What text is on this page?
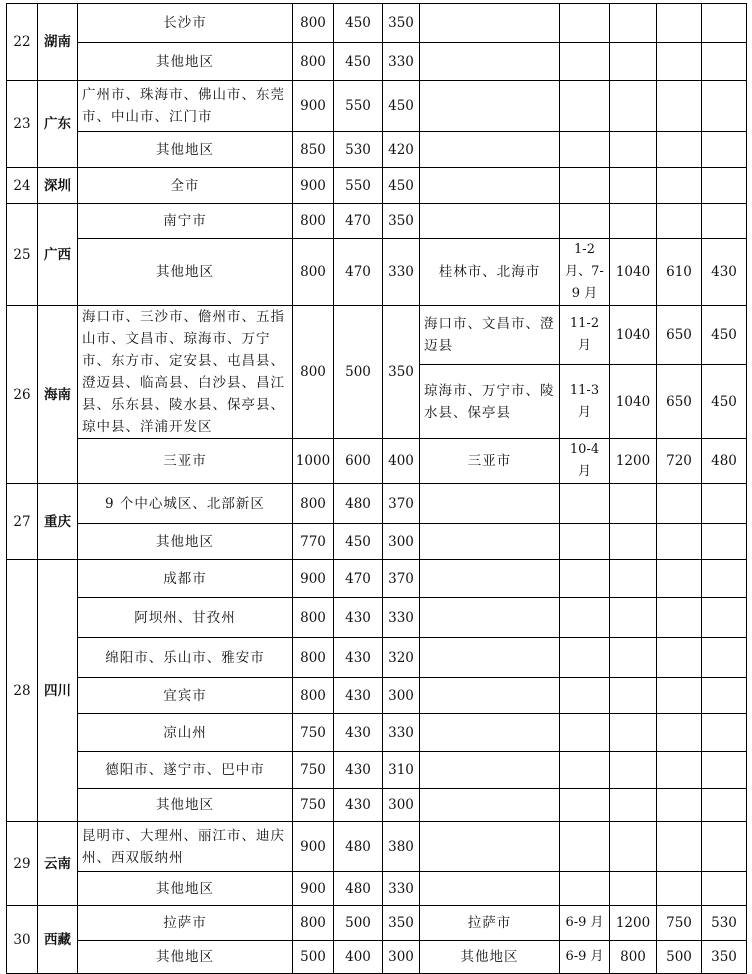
22	湖南	长沙市	800	450	350					
		其他地区	800	450	330					
23	广东	广州市、珠海市、佛山市、东莞市、中山市、江门市	900	550	450					
		其他地区	850	530	420					
24	深圳	全市	900	550	450					
25	广西	南宁市	800	470	350					
		其他地区	800	470	330	桂林市、北海市	1-2 月、7-9 月	1040	610	430
26	海南	海口市、三沙市、儋州市、五指山市、文昌市、琼海市、万宁市、东方市、定安县、屯昌县、澄迈县、临高县、白沙县、昌江县、乐东县、陵水县、保亭县、琼中县、洋浦开发区	800	500	350	海口市、文昌市、澄迈县	11-2 月	1040	650	450
						琼海市、万宁市、陵水县、保亭县	11-3 月	1040	650	450
		三亚市	1000	600	400	三亚市	10-4 月	1200	720	480
27	重庆	9 个中心城区、北部新区	800	480	370					
		其他地区	770	450	300					
28	四川	成都市	900	470	370					
		阿坝州、甘孜州	800	430	330					
		绵阳市、乐山市、雅安市	800	430	320					
		宜宾市	800	430	300					
		凉山州	750	430	330					
		德阳市、遂宁市、巴中市	750	430	310					
		其他地区	750	430	300					
29	云南	昆明市、大理州、丽江市、迪庆州、西双版纳州	900	480	380					
		其他地区	900	480	330					
30	西藏	拉萨市	800	500	350	拉萨市	6-9 月	1200	750	530
		其他地区	500	400	300	其他地区	6-9 月	800	500	350
